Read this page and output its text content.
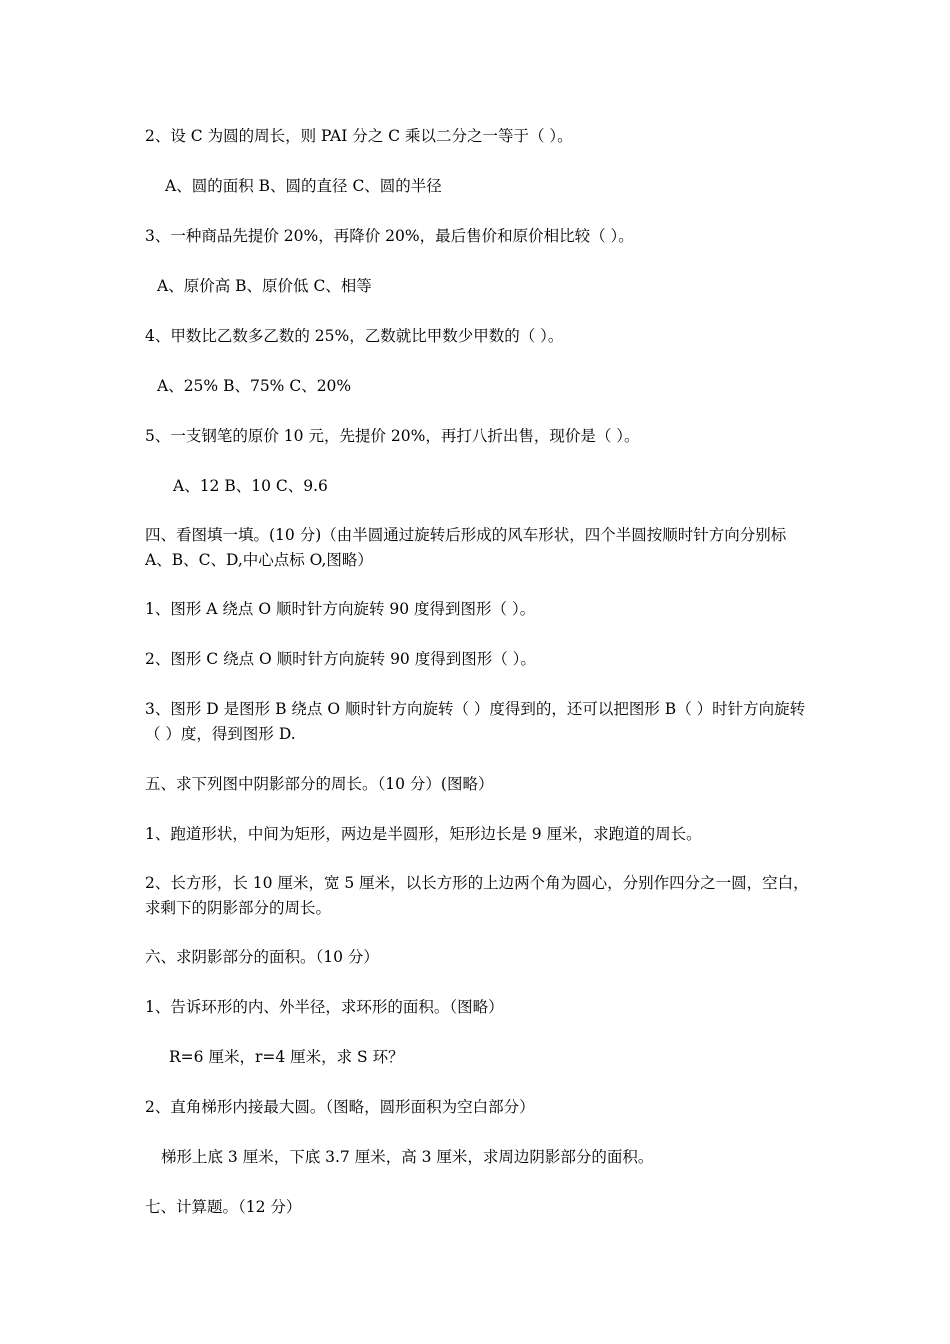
2、设 C 为圆的周长，则 PAI 分之 C 乘以二分之一等于（ ）。
A、圆的面积 B、圆的直径 C、圆的半径
3、一种商品先提价 20%，再降价 20%，最后售价和原价相比较（ ）。
A、原价高 B、原价低 C、相等
4、甲数比乙数多乙数的 25%，乙数就比甲数少甲数的（ ）。
A、25% B、75% C、20%
5、一支钢笔的原价 10 元，先提价 20%，再打八折出售，现价是（ ）。
A、12 B、10 C、9.6
四、看图填一填。(10 分)（由半圆通过旋转后形成的风车形状，四个半圆按顺时针方向分别标 A、B、C、D,中心点标 O,图略）
1、图形 A 绕点 O 顺时针方向旋转 90 度得到图形（ ）。
2、图形 C 绕点 O 顺时针方向旋转 90 度得到图形（ ）。
3、图形 D 是图形 B 绕点 O 顺时针方向旋转（ ）度得到的，还可以把图形 B（ ）时针方向旋转（ ）度，得到图形 D.
五、求下列图中阴影部分的周长。（10 分）(图略）
1、跑道形状，中间为矩形，两边是半圆形，矩形边长是 9 厘米，求跑道的周长。
2、长方形，长 10 厘米，宽 5 厘米，以长方形的上边两个角为圆心，分别作四分之一圆，空白，求剩下的阴影部分的周长。
六、求阴影部分的面积。（10 分）
1、告诉环形的内、外半径，求环形的面积。（图略）
R=6 厘米，r=4 厘米，求 S 环？
2、直角梯形内接最大圆。（图略，圆形面积为空白部分）
梯形上底 3 厘米，下底 3.7 厘米，高 3 厘米，求周边阴影部分的面积。
七、计算题。（12 分）
